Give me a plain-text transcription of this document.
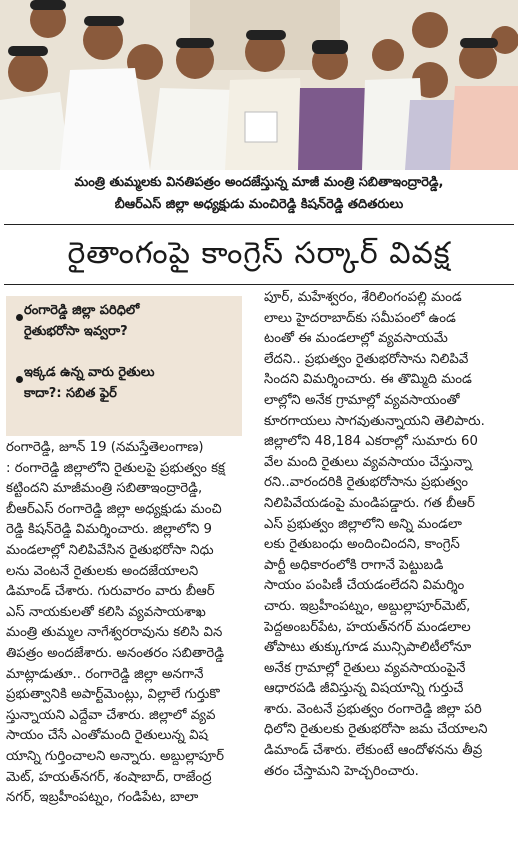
మంత్రి తుమ్మలకు వినతిపత్రం అందజేస్తున్న మాజీ మంత్రి సబితాఇంద్రారెడ్డి,
బీఆర్‌ఎస్ జిల్లా అధ్యక్షుడు మంచిరెడ్డి కిషన్‌రెడ్డి తదితరులు
రైతాంగంపై కాంగ్రెస్ సర్కార్ వివక్ష
రంగారెడ్డి జిల్లా పరిధిలో
రైతుభరోసా ఇవ్వరా?
ఇక్కడ ఉన్న వారు రైతులు
కాదా?: సబిత ఫైర్
రంగారెడ్డి, జూన్ 19 (నమస్తేతెలంగాణ)
: రంగారెడ్డి జిల్లాలోని రైతులపై ప్రభుత్వం కక్ష
కట్టిందని మాజీమంత్రి సబితాఇంద్రారెడ్డి,
బీఆర్‌ఎస్ రంగారెడ్డి జిల్లా అధ్యక్షుడు మంచి
రెడ్డి కిషన్‌రెడ్డి విమర్శించారు. జిల్లాలోని 9
మండలాల్లో నిలిపివేసిన రైతుభరోసా నిధు
లను వెంటనే రైతులకు అందజేయాలని
డిమాండ్ చేశారు. గురువారం వారు బీఆర్
ఎస్ నాయకులతో కలిసి వ్యవసాయశాఖ
మంత్రి తుమ్మల నాగేశ్వరరావును కలిసి విన
తిపత్రం అందజేశారు. అనంతరం సబితారెడ్డి
మాట్లాడుతూ.. రంగారెడ్డి జిల్లా అనగానే
ప్రభుత్వానికి అపార్ట్‌మెంట్లు, విల్లాలే గుర్తుకొ
స్తున్నాయని ఎద్దేవా చేశారు. జిల్లాలో వ్యవ
సాయం చేసే ఎంతోమంది రైతులున్న విష
యాన్ని గుర్తించాలని అన్నారు. అబ్దుల్లాపూర్
మెట్, హయత్‌నగర్, శంషాబాద్, రాజేంద్ర
నగర్, ఇబ్రహీంపట్నం, గండిపేట, బాలా
పూర్, మహేశ్వరం, శేరిలింగంపల్లి మండ
లాలు హైదరాబాద్‌కు సమీపంలో ఉండ
టంతో ఈ మండలాల్లో వ్యవసాయమే
లేదని.. ప్రభుత్వం రైతుభరోసాను నిలిపివే
సిందని విమర్శించారు. ఈ తొమ్మిది మండ
లాల్లోని అనేక గ్రామాల్లో వ్యవసాయంతో
కూరగాయలు సాగవుతున్నాయని తెలిపారు.
జిల్లాలోని 48,184 ఎకరాల్లో సుమారు 60
వేల మంది రైతులు వ్యవసాయం చేస్తున్నా
రని..వారందరికి రైతుభరోసాను ప్రభుత్వం
నిలిపివేయడంపై మండిపడ్డారు. గత బీఆర్
ఎస్ ప్రభుత్వం జిల్లాలోని అన్ని మండలా
లకు రైతుబంధు అందించిందని, కాంగ్రెస్
పార్టీ అధికారంలోకి రాగానే పెట్టుబడి
సాయం పంపిణీ చేయడంలేదని విమర్శిం
చారు. ఇబ్రహీంపట్నం, అబ్దుల్లాపూర్‌మెట్,
పెద్దఅంబర్‌పేట, హయత్‌నగర్ మండలాల
తోపాటు తుక్కుగూడ మున్సిపాలిటీలోనూ
అనేక గ్రామాల్లో రైతులు వ్యవసాయంపైనే
ఆధారపడి జీవిస్తున్న విషయాన్ని గుర్తుచే
శారు. వెంటనే ప్రభుత్వం రంగారెడ్డి జిల్లా పరి
ధిలోని రైతులకు రైతుభరోసా జమ చేయాలని
డిమాండ్ చేశారు. లేకుంటే ఆందోళనను తీవ్ర
తరం చేస్తామని హెచ్చరించారు.
